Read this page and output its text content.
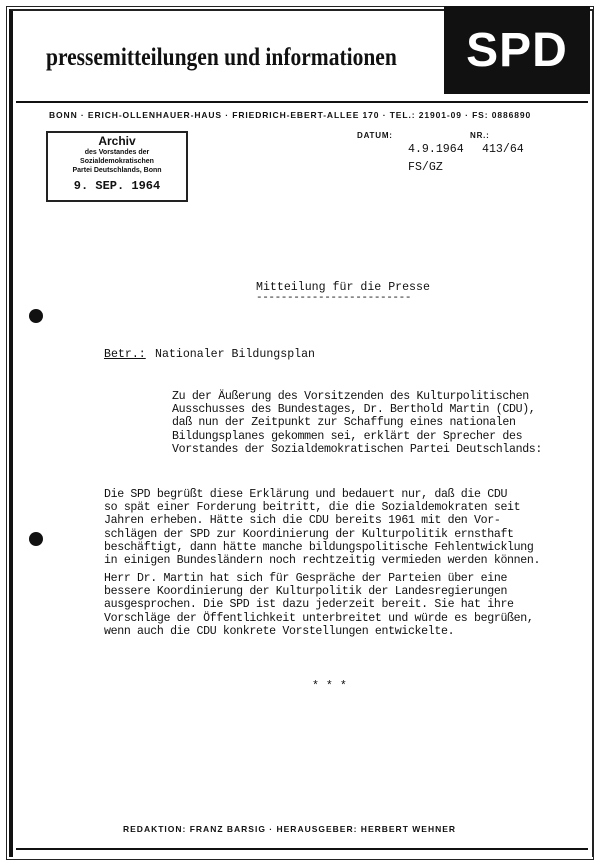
SPD
pressemitteilungen und informationen
BONN · ERICH-OLLENHAUER-HAUS · FRIEDRICH-EBERT-ALLEE 170 · TEL.: 21901-09 · FS: 0886890
Archiv
des Vorstandes der Sozialdemokratischen
Partei Deutschlands, Bonn
9. SEP. 1964
DATUM:	NR.:
4.9.1964 413/64
FS/GZ
Mitteilung für die Presse
-------------------------
Betr.: Nationaler Bildungsplan
Zu der Äußerung des Vorsitzenden des Kulturpolitischen
Ausschusses des Bundestages, Dr. Berthold Martin (CDU),
daß nun der Zeitpunkt zur Schaffung eines nationalen
Bildungsplanes gekommen sei, erklärt der Sprecher des
Vorstandes der Sozialdemokratischen Partei Deutschlands:
Die SPD begrüßt diese Erklärung und bedauert nur, daß die CDU
so spät einer Forderung beitritt, die die Sozialdemokraten seit
Jahren erheben. Hätte sich die CDU bereits 1961 mit den Vor-
schlägen der SPD zur Koordinierung der Kulturpolitik ernsthaft
beschäftigt, dann hätte manche bildungspolitische Fehlentwicklung
in einigen Bundesländern noch rechtzeitig vermieden werden können.
Herr Dr. Martin hat sich für Gespräche der Parteien über eine
bessere Koordinierung der Kulturpolitik der Landesregierungen
ausgesprochen. Die SPD ist dazu jederzeit bereit. Sie hat ihre
Vorschläge der Öffentlichkeit unterbreitet und würde es begrüßen,
wenn auch die CDU konkrete Vorstellungen entwickelte.
* * *
REDAKTION: FRANZ BARSIG · HERAUSGEBER: HERBERT WEHNER
